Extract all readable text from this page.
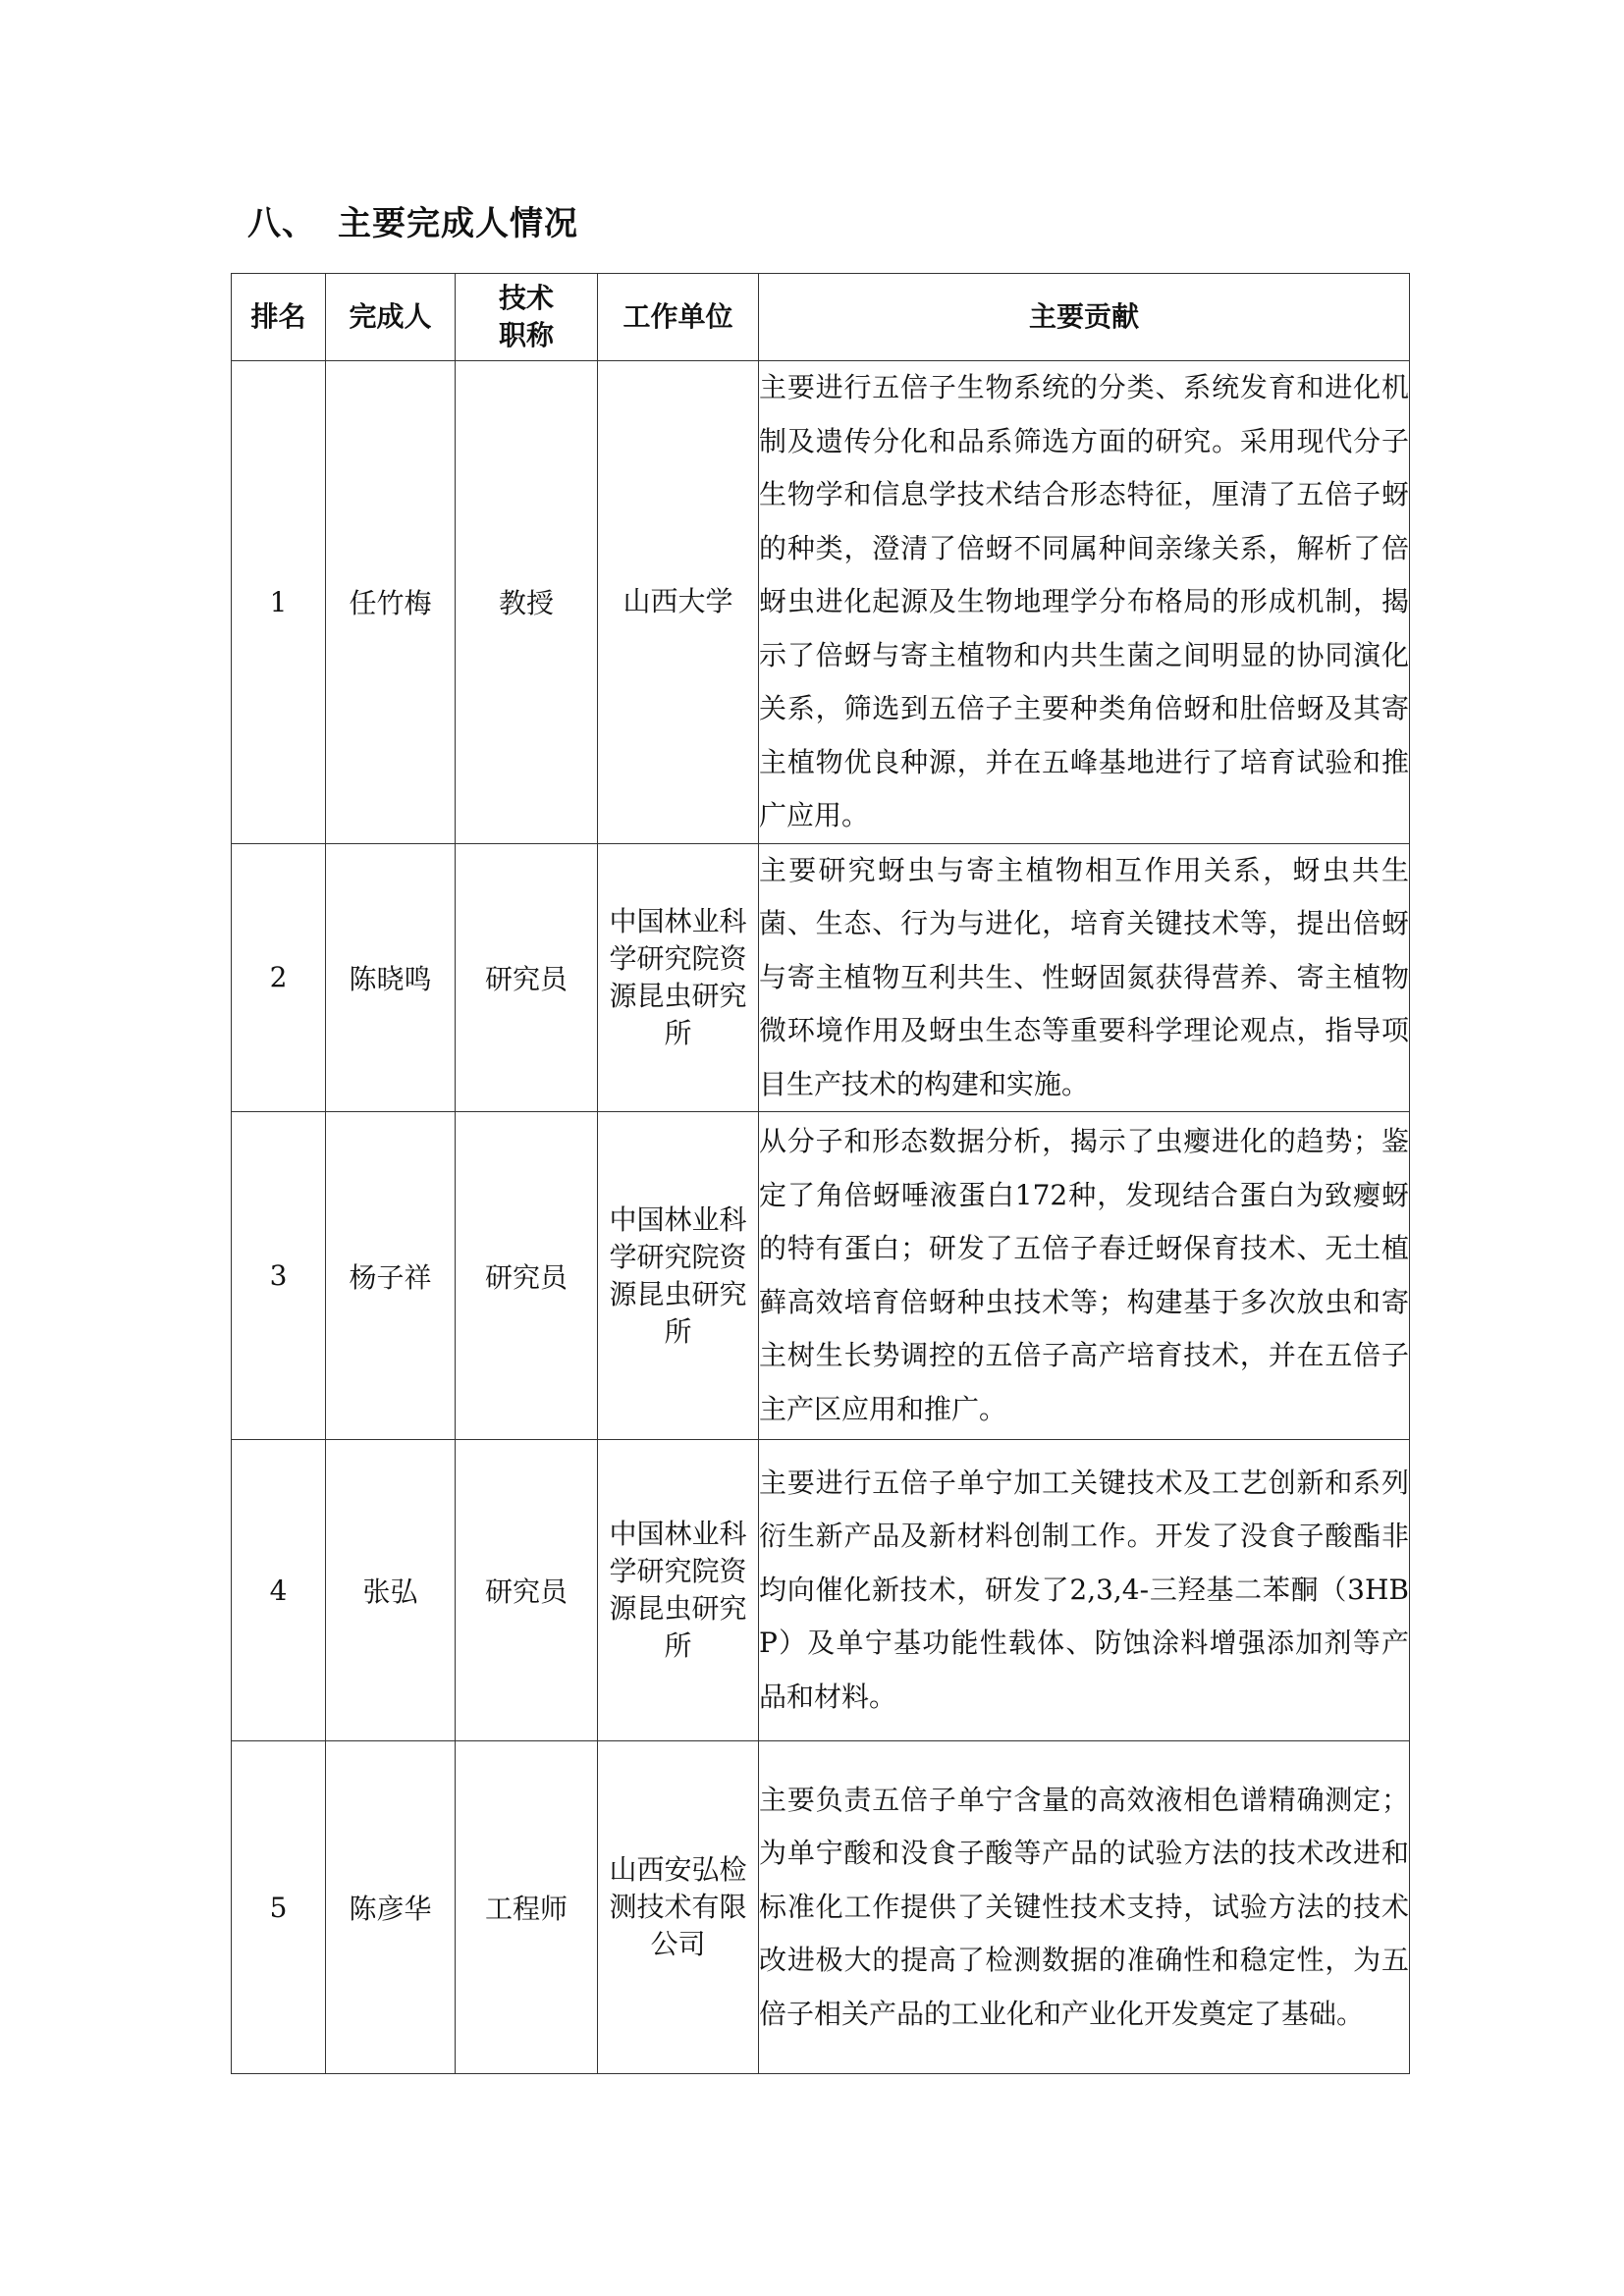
八、 主要完成人情况
排名	完成人	技术职称	工作单位	主要贡献
1	任竹梅	教授	山西大学	主要进行五倍子生物系统的分类、系统发育和进化机制及遗传分化和品系筛选方面的研究。采用现代分子生物学和信息学技术结合形态特征，厘清了五倍子蚜的种类，澄清了倍蚜不同属种间亲缘关系，解析了倍蚜虫进化起源及生物地理学分布格局的形成机制，揭示了倍蚜与寄主植物和内共生菌之间明显的协同演化关系，筛选到五倍子主要种类角倍蚜和肚倍蚜及其寄主植物优良种源，并在五峰基地进行了培育试验和推广应用。
2	陈晓鸣	研究员	中国林业科学研究院资源昆虫研究所	主要研究蚜虫与寄主植物相互作用关系，蚜虫共生菌、生态、行为与进化，培育关键技术等，提出倍蚜与寄主植物互利共生、性蚜固氮获得营养、寄主植物微环境作用及蚜虫生态等重要科学理论观点，指导项目生产技术的构建和实施。
3	杨子祥	研究员	中国林业科学研究院资源昆虫研究所	从分子和形态数据分析，揭示了虫瘿进化的趋势；鉴定了角倍蚜唾液蛋白172种，发现结合蛋白为致瘿蚜的特有蛋白；研发了五倍子春迁蚜保育技术、无土植藓高效培育倍蚜种虫技术等；构建基于多次放虫和寄主树生长势调控的五倍子高产培育技术，并在五倍子主产区应用和推广。
4	张弘	研究员	中国林业科学研究院资源昆虫研究所	主要进行五倍子单宁加工关键技术及工艺创新和系列衍生新产品及新材料创制工作。开发了没食子酸酯非均向催化新技术，研发了2,3,4-三羟基二苯酮（3HBP）及单宁基功能性载体、防蚀涂料增强添加剂等产品和材料。
5	陈彦华	工程师	山西安弘检测技术有限公司	主要负责五倍子单宁含量的高效液相色谱精确测定；为单宁酸和没食子酸等产品的试验方法的技术改进和标准化工作提供了关键性技术支持，试验方法的技术改进极大的提高了检测数据的准确性和稳定性，为五倍子相关产品的工业化和产业化开发奠定了基础。
